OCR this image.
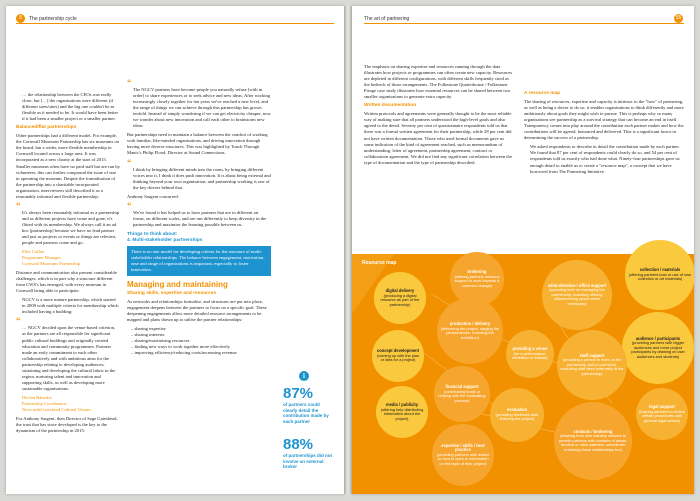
8	The partnership cycle

… the relationship between the CEOs was really close, but […] the organisations were different (if different sizes/sites) and the big one couldn't be as flexible as it needed to be. It would have been better if it had been a smaller project or a smaller partner.

Balanced/flat partnerships

Other partnerships had a different model. For example, the Cornwall Museums Partnership has six museums on the board, but a wider, more flexible membership in Cornwall located across a large area. It was incorporated as a new charity at the start of 2015. Smaller museums often have no paid staff but are run by volunteers; this can further compound the issue of size in operating the museum. Despite the formalisation of the partnership into a charitable incorporated organisation, interviewees still described it as a reasonably informal and flexible partnership:

“

It's always been reasonably informal as a partnership and as different projects have come and gone, it's flitted with its membership. We always call it an ad hoc [partnership] because we have no lead partner and just as projects or events or things are relevant, people and partners come and go.

Ellie Collier
Programme Manager,
Cornwall Museums Partnership

Distance and communication also present considerable challenges, which is in part why a structure different from CWS's has emerged, with every museum in Cornwall being able to participate.

NGCV is a more mature partnership, which started in 2009 with multiple criteria for membership which included having a building:

“

… NGCV decided upon the venue-based criterion, as the partners are all responsible for significant public cultural buildings and originally created education and community programmes. Partners made an early commitment to each other collaboratively and with ambitious aims for the partnership relating to developing audiences, sustaining and developing the cultural fabric in the region, nurturing talent and innovation and supporting skills, as well as developing more sustainable organisations.

Declan Baharlie
Partnership Coordinator,
NewcastleGateshead Cultural Venues

For Anthony Sargent, then Director of Sage Gateshead, the trust that has since developed is the key to the dynamism of the partnership in 2015:

“

The NGCV partners have become people you naturally refuse [with in order] to share experiences or to seek advice and new ideas. After working increasingly closely together for ten years we've reached a new level, and the range of things we can achieve through this partnership has grown tenfold. Instead of simply wondering if we can get electricity cheaper, now we wonder about new innovation and call each other to brainstorm new ideas.

But partnerships need to maintain a balance between the comfort of working with familiar, like-minded organisations, and driving innovation through having more diverse structures. This was highlighted by Touch Through Manic's Philip Flood, Director at Sound Connections.

“

I think by bringing different minds into the room, by bringing different voices into it, I think it does push innovation. It is about being external and thinking beyond your own organisation, and partnership working is one of the key drivers behind that.

Anthony Sargent concurred:

“

We've found it has helped us to have partners that are in different art forms, on different scales, and are run differently to keep diversity in the partnership and maximise the learning possible between us.

Things to think about:
4. Multi-stakeholder partnerships
There is no one model for developing criteria for the structure of multi-stakeholder relationships. The balance between engagement, motivation, ease and range of organisations is important, especially to foster innovation.
Managing and maintaining
Sharing skills, expertise and resources

As networks and relationships formalise, and structures are put into place, engagement deepens between the partners to focus on a specific goal. These deepening engagements allow more detailed resource arrangements to be mapped and plans drawn up to utilise the partner relationships:

– sharing expertise
– sharing interests
– sharing/maximising resources
– finding new ways to work together more effectively
– improving efficiency/reducing costs/increasing revenue.
i
87%
of partners could clearly detail the contribution made by each partner
88%
of partnerships did not involve an external broker
The art of partnering	55

The emphasis on sharing expertise and resources running through the data illustrates how projects or programmes can often create new capacity. Resources are depleted in different configurations, with different skills frequently cited as the bedrock of those arrangements. The Folkestone Quarterhouse / Folkestone Fringe case study illustrates how essential resources can be shared between two smaller organisations to generate extra capacity.

Written documentation

Written protocols and agreements were generally thought to be the most reliable way of making sure that all partners understood the high-level goals and also agreed to the detail. Seventy per cent of questionnaire respondents told us that there was a formal written agreement for their partnership, while 28 per cent did not have written documentation. Those who used formal documents gave us some indication of the kind of agreement reached, such as memorandum of understanding, letter of agreement, partnership agreement, contract or collaboration agreement. We did not find any significant correlation between the type of documentation and the type of partnership described.

A resource map

The sharing of resources, expertise and capacity is intrinsic to the "how" of partnering, as well as being a driver to do so; it enables organisations to think differently and more ambitiously about goals they might wish to pursue. This is perhaps why so many organisations see partnership as a survival strategy that can become an end in itself. Transparency comes into play around the contribution each partner makes and how the contributions will be agreed, honoured and delivered. This is a significant factor in determining the success of a partnership.

We asked respondents to describe in detail the contribution made by each partner. We found that 87 per cent of respondents could clearly do so, and 54 per cent of respondents told us exactly who had done what. Ninety-four partnerships gave us enough detail to enable us to create a "resource map", a concept that we have borrowed from The Partnering Initiative.

Resource map
brokering
(offering partners advisory support to work towards a common change)
collection / materials
(offering partners loan or use of own collection or art materials)
digital delivery
(producing a digital resource as part of the partnership)
administrative / office support
(spending time on managing the partnership, including offering office/meeting space when necessary)
audience / participants
(providing partners with bigger audiences and more project participants by drawing on own audiences and students)
production / delivery
(delivering the project, staging the performances, including the exhibition)
concept development
(coming up with the plan or idea for a project)
providing a venue
(for a performance, exhibition or festival)	staff support
(providing a person to work on the partnership (full or part time), excluding staff hired externally to the partnership)
financial support
(contributing funds or helping with the fundraising process)
legal support
(helping partners to review certain procedures with general legal advice)
media / publicity
(offering help distributing information about the project)
evaluation
(providing feedback after finishing the project)
expertise / skills / best practice
(providing partners with advice on how to work or information on the topic of their project)
contacts / brokering
(drawing from own industry network to provide partners with contacts of artists, funders or other partners, sometimes brokering these relationships too)
